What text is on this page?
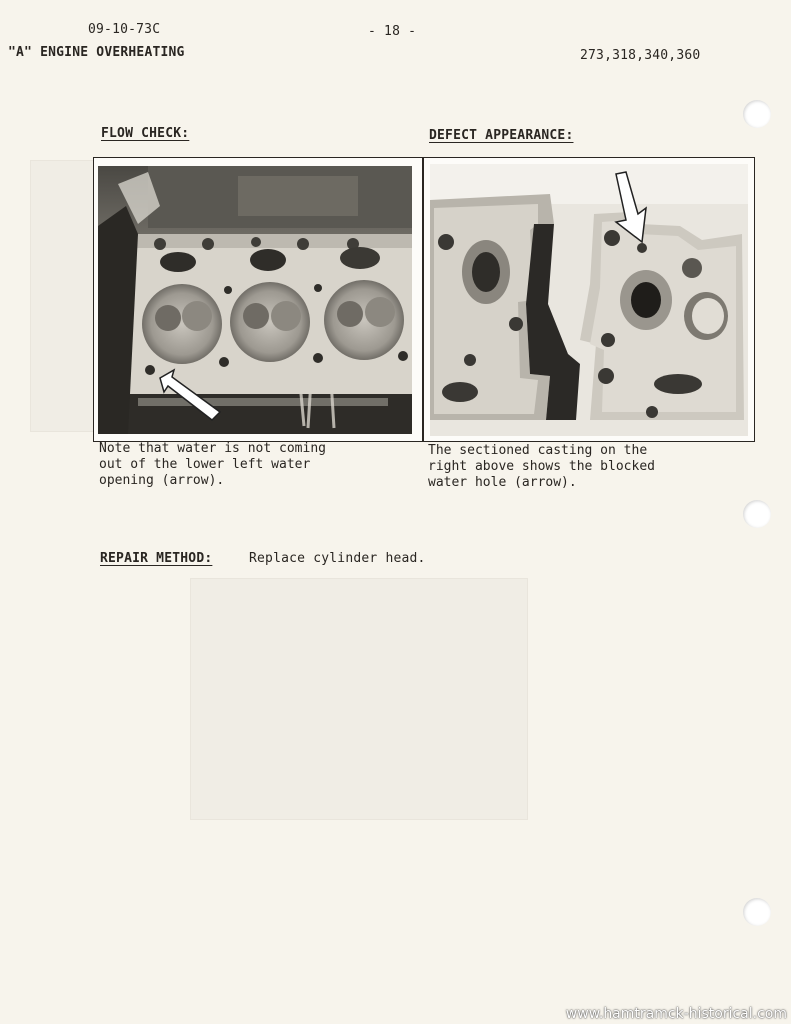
09-10-73C	- 18 -
"A" ENGINE OVERHEATING	273,318,340,360
FLOW CHECK:	DEFECT APPEARANCE:
Note that water is not coming
out of the lower left water
opening (arrow).
The sectioned casting on the
right above shows the blocked
water hole (arrow).
REPAIR METHOD:	Replace cylinder head.
www.hamtramck-historical.com
